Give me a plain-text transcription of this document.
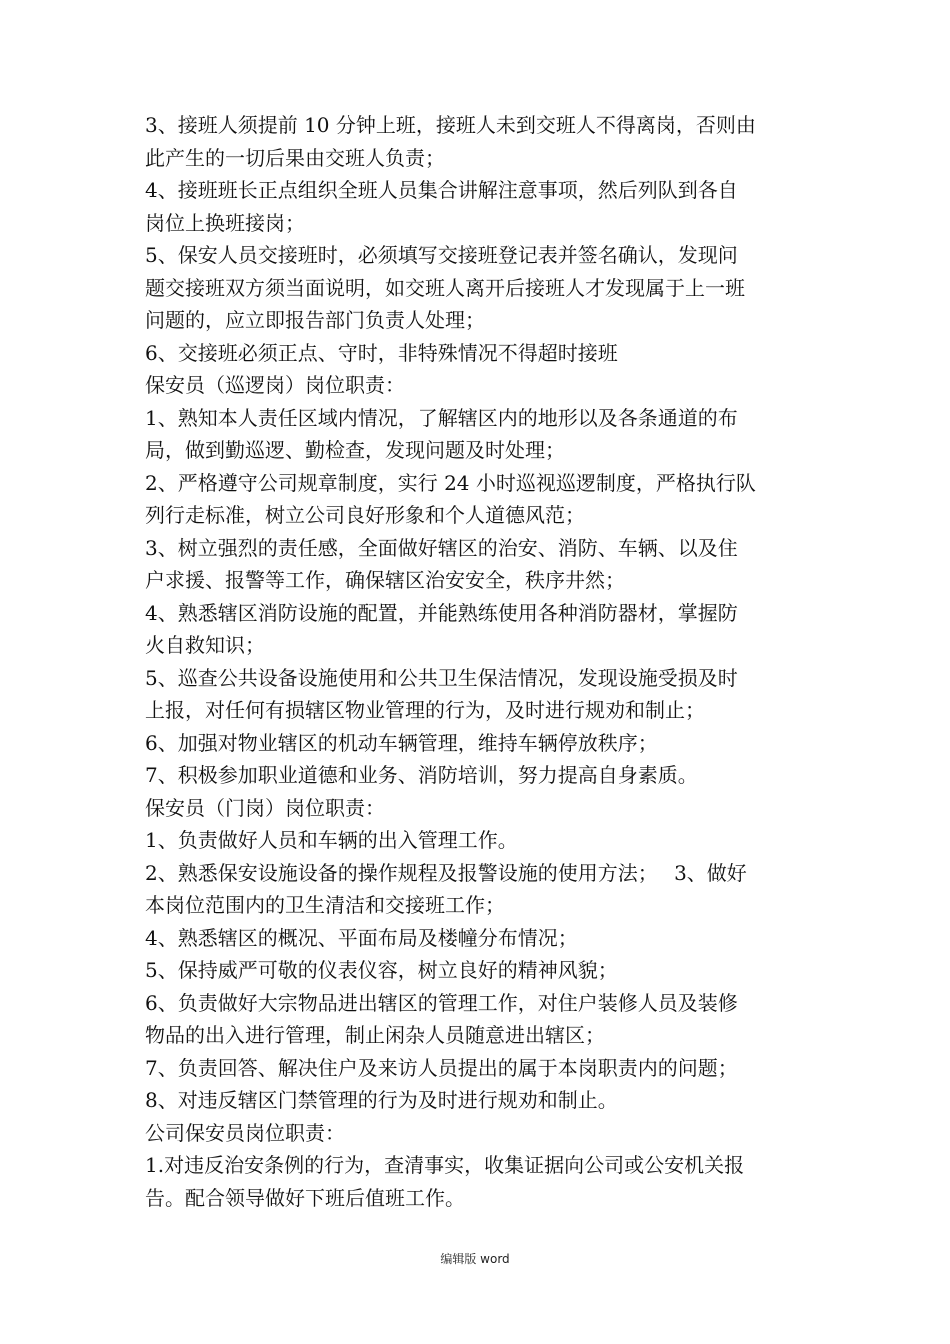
3、接班人须提前 10 分钟上班，接班人未到交班人不得离岗，否则由
此产生的一切后果由交班人负责；
4、接班班长正点组织全班人员集合讲解注意事项，然后列队到各自
岗位上换班接岗；
5、保安人员交接班时，必须填写交接班登记表并签名确认，发现问
题交接班双方须当面说明，如交班人离开后接班人才发现属于上一班
问题的，应立即报告部门负责人处理；
6、交接班必须正点、守时，非特殊情况不得超时接班
保安员（巡逻岗）岗位职责：
1、熟知本人责任区域内情况，了解辖区内的地形以及各条通道的布
局，做到勤巡逻、勤检查，发现问题及时处理；
2、严格遵守公司规章制度，实行 24 小时巡视巡逻制度，严格执行队
列行走标准，树立公司良好形象和个人道德风范；
3、树立强烈的责任感，全面做好辖区的治安、消防、车辆、以及住
户求援、报警等工作，确保辖区治安安全，秩序井然；
4、熟悉辖区消防设施的配置，并能熟练使用各种消防器材，掌握防
火自救知识；
5、巡查公共设备设施使用和公共卫生保洁情况，发现设施受损及时
上报，对任何有损辖区物业管理的行为，及时进行规劝和制止；
6、加强对物业辖区的机动车辆管理，维持车辆停放秩序；
7、积极参加职业道德和业务、消防培训，努力提高自身素质。
保安员（门岗）岗位职责：
1、负责做好人员和车辆的出入管理工作。
2、熟悉保安设施设备的操作规程及报警设施的使用方法；　 3、做好
本岗位范围内的卫生清洁和交接班工作；
4、熟悉辖区的概况、平面布局及楼幢分布情况；
5、保持威严可敬的仪表仪容，树立良好的精神风貌；
6、负责做好大宗物品进出辖区的管理工作，对住户装修人员及装修
物品的出入进行管理，制止闲杂人员随意进出辖区；
7、负责回答、解决住户及来访人员提出的属于本岗职责内的问题；
8、对违反辖区门禁管理的行为及时进行规劝和制止。
公司保安员岗位职责：
1.对违反治安条例的行为，查清事实，收集证据向公司或公安机关报
告。配合领导做好下班后值班工作。
编辑版 word
